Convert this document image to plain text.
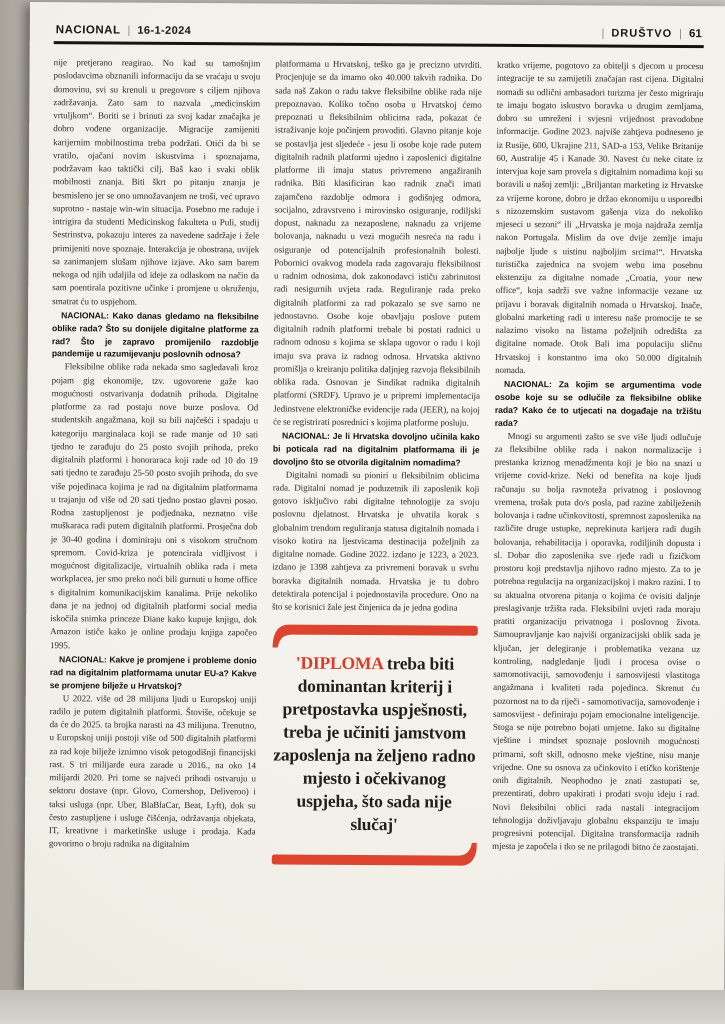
NACIONAL | 16-1-2024	| DRUŠTVO | 61

nije pretjerano reagirao. No kad su tamošnjim poslodavcima obznanili informaciju da se vraćaju u svoju domovinu, svi su krenuli u pregovore s ciljem njihova zadržavanja. Zato sam to nazvala „medicinskim vrtuljkom“. Boriti se i brinuti za svoj kadar značajka je dobro vođene organizacije. Migracije zamijeniti karijernim mobilnostima treba podržati. Otići da bi se vratilo, ojačani novim iskustvima i spoznajama, podržavam kao taktički cilj. Baš kao i svaki oblik mobilnosti znanja. Biti škrt po pitanju znanja je besmisleno jer se ono umnožavanjem ne troši, već upravo suprotno - nastaje win-win situacija. Posebno me raduje i intrigira da studenti Medicinskog fakulteta u Puli, studij Sestrinstva, pokazuju interes za navedene sadržaje i žele primijeniti nove spoznaje. Interakcija je obostrana, uvijek sa zanimanjem slušam njihove izjave. Ako sam barem nekoga od njih udaljila od ideje za odlaskom na način da sam poentirala pozitivne učinke i promjene u okruženju, smatrat ću to uspjehom.

NACIONAL: Kako danas gledamo na fleksibilne oblike rada? Što su donijele digitalne platforme za rad? Što je zapravo promijenilo razdoblje pandemije u razumijevanju poslovnih odnosa?

Fleksibilne oblike rada nekada smo sagledavali kroz pojam gig ekonomije, tzv. ugovorene gaže kao mogućnosti ostvarivanja dodatnih prihoda. Digitalne platforme za rad postaju nove burze poslova. Od studentskih angažmana, koji su bili najčešći i spadaju u kategoriju marginalaca koji se rade manje od 10 sati tjedno te zarađuju do 25 posto svojih prihoda, preko digitalnih platformi i honoraraca koji rade od 10 do 19 sati tjedno te zarađuju 25-50 posto svojih prihoda, do sve više pojedinaca kojima je rad na digitalnim platformama u trajanju od više od 20 sati tjedno postao glavni posao. Rodna zastupljenost je podjednaka, neznatno više muškaraca radi putem digitalnih platformi. Prosječna dob je 30-40 godina i dominiraju oni s visokom stručnom spremom. Covid-kriza je potencirala vidljivost i mogućnost digitalizacije, virtualnih oblika rada i meta workplacea, jer smo preko noći bili gurnuti u home office s digitalnim komunikacijskim kanalima. Prije nekoliko dana je na jednoj od digitalnih platformi social media iskočila snimka princeze Diane kako kupuje knjigu, dok Amazon ističe kako je online prodaju knjiga započeo 1995.

NACIONAL: Kakve je promjene i probleme donio rad na digitalnim platformama unutar EU-a? Kakve se promjene bilježe u Hrvatskoj?

U 2022. više od 28 milijuna ljudi u Europskoj uniji radilo je putem digitalnih platformi. Štoviše, očekuje se da će do 2025. ta brojka narasti na 43 milijuna. Trenutno, u Europskoj uniji postoji više od 500 digitalnih platformi za rad koje bilježe iznimno visok petogodišnji financijski rast. S tri milijarde eura zarade u 2016., na oko 14 milijardi 2020. Pri tome se najveći prihodi ostvaruju u sektoru dostave (npr. Glovo, Cornershop, Deliveroo) i taksi usluga (npr. Uber, BlaBlaCar, Beat, Lyft), dok su često zastupljene i usluge čišćenja, održavanja objekata, IT, kreativne i marketinške usluge i prodaja. Kada govorimo o broju radnika na digitalnim

platformama u Hrvatskoj, teško ga je precizno utvrditi. Procjenjuje se da imamo oko 40.000 takvih radnika. Do sada naš Zakon o radu takve fleksibilne oblike rada nije prepoznavao. Koliko točno osoba u Hrvatskoj ćemo prepoznati u fleksibilnim oblicima rada, pokazat će istraživanje koje počinjem provoditi. Glavno pitanje koje se postavlja jest sljedeće - jesu li osobe koje rade putem digitalnih radnih platformi ujedno i zaposlenici digitalne platforme ili imaju status privremeno angažiranih radnika. Biti klasificiran kao radnik znači imati zajamčeno razdoblje odmora i godišnjeg odmora, socijalno, zdravstveno i mirovinsko osiguranje, rodiljski dopust, naknadu za nezaposlene, naknadu za vrijeme bolovanja, naknadu u vezi mogućih nesreća na radu i osiguranje od potencijalnih profesionalnih bolesti. Pobornici ovakvog modela rada zagovaraju fleksibilnost u radnim odnosima, dok zakonodavci ističu zabrinutost radi nesigurnih uvjeta rada. Reguliranje rada preko digitalnih platformi za rad pokazalo se sve samo ne jednostavno. Osobe koje obavljaju poslove putem digitalnih radnih platformi trebale bi postati radnici u radnom odnosu s kojima se sklapa ugovor o radu i koji imaju sva prava iz radnog odnosa. Hrvatska aktivno promišlja o kreiranju politika daljnjeg razvoja fleksibilnih oblika rada. Osnovan je Sindikat radnika digitalnih platformi (SRDF). Upravo je u pripremi implementacija Jedinstvene elektroničke evidencije rada (JEER), na kojoj će se registrirati posrednici s kojima platforme posluju.

NACIONAL: Je li Hrvatska dovoljno učinila kako bi poticala rad na digitalnim platformama ili je dovoljno što se otvorila digitalnim nomadima?

Digitalni nomadi su pioniri u fleksibilnim oblicima rada. Digitalni nomad je poduzetnik ili zaposlenik koji gotovo isključivo rabi digitalne tehnologije za svoju poslovnu djelatnost. Hrvatska je uhvatila korak s globalnim trendom reguliranja statusa digitalnih nomada i visoko kotira na ljestvicama destinacija poželjnih za digitalne nomade. Godine 2022. izdano je 1223, a 2023. izdano je 1398 zahtjeva za privremeni boravak u svrhu boravka digitalnih nomada. Hrvatska je tu dobro detektirala potencijal i pojednostavila procedure. Ono na što se korisnici žale jest činjenica da je jedna godina

'DIPLOMA treba biti dominantan kriterij i pretpostavka uspješnosti, treba je učiniti jamstvom zaposlenja na željeno radno mjesto i očekivanog uspjeha, što sada nije slučaj'

kratko vrijeme, pogotovo za obitelji s djecom u procesu integracije te su zamijetili značajan rast cijena. Digitalni nomadi su odlični ambasadori turizma jer često migriraju te imaju bogato iskustvo boravka u drugim zemljama, dobro su umreženi i svjesni vrijednost pravodobne informacije. Godine 2023. najviše zahtjeva podneseno je iz Rusije, 600, Ukrajine 211, SAD-a 153, Velike Britanije 60, Australije 45 i Kanade 30. Navest ću neke citate iz intervjua koje sam provela s digitalnim nomadima koji su boravili u našoj zemlji: „Briljantan marketing iz Hrvatske za vrijeme korone, dobro je držao ekonomiju u usporedbi s nizozemskim sustavom gašenja viza do nekoliko mjeseci u sezoni“ ili „Hrvatska je moja najdraža zemlja nakon Portugala. Mislim da ove dvije zemlje imaju najbolje ljude s uistinu najboljim srcima!“. Hrvatska turistička zajednica na svojem webu ima posebnu ekstenziju za digitalne nomade „Croatia, your new office“, koja sadrži sve važne informacije vezane uz prijavu i boravak digitalnih nomada u Hrvatskoj. Inače, globalni marketing radi u interesu naše promocije te se nalazimo visoko na listama poželjnih odredišta za digitalne nomade. Otok Bali ima populaciju sličnu Hrvatskoj i konstantno ima oko 50.000 digitalnih nomada.

NACIONAL: Za kojim se argumentima vode osobe koje su se odlučile za fleksibilne oblike rada? Kako će to utjecati na događaje na tržištu rada?

Mnogi su argumenti zašto se sve više ljudi odlučuje za fleksibilne oblike rada i nakon normalizacije i prestanka kriznog menadžmenta koji je bio na snazi u vrijeme covid-krize. Neki od benefita na koje ljudi računaju su bolja ravnoteža privatnog i poslovnog vremena, trošak puta do/s posla, pad razine zabilježenih bolovanja i radne učinkovitosti, spremnost zaposlenika na različite druge ustupke, neprekinuta karijera radi dugih bolovanja, rehabilitacija i oporavka, rodiljinih dopusta i sl. Dobar dio zaposlenika sve rjeđe radi u fizičkom prostoru koji predstavlja njihovo radno mjesto. Za to je potrebna regulacija na organizacijskoj i makro razini. I to su aktualna otvorena pitanja o kojima će ovisiti daljnje preslagivanje tržišta rada. Fleksibilni uvjeti rada moraju pratiti organizaciju privatnoga i poslovnog života. Samoupravljanje kao najviši organizacijski oblik sada je ključan, jer delegiranje i problematika vezana uz kontroling, nadgledanje ljudi i procesa ovise o samomotivaciji, samovođenju i samosvijesti vlastitoga angažmana i kvaliteti rada pojedinca. Skrenut ću pozornost na to da riječi - samomotivacija, samovođenje i samosvijest - definiraju pojam emocionalne inteligencije. Stoga se nije potrebno bojati umjetne. Iako su digitalne vještine i mindset spoznaje poslovnih mogućnosti primarni, soft skill, odnosno meke vještine, nisu manje vrijedne. One su osnova za učinkovito i etičko korištenje onih digitalnih. Neophodno je znati zastupati se, prezentirati, dobro upakirati i prodati svoju ideju i rad. Novi fleksibilni oblici rada nastali integracijom tehnologija doživljavaju globalnu ekspanziju te imaju progresivni potencijal. Digitalna transformacija radnih mjesta je započela i tko se ne prilagodi bitno će zaostajati.
